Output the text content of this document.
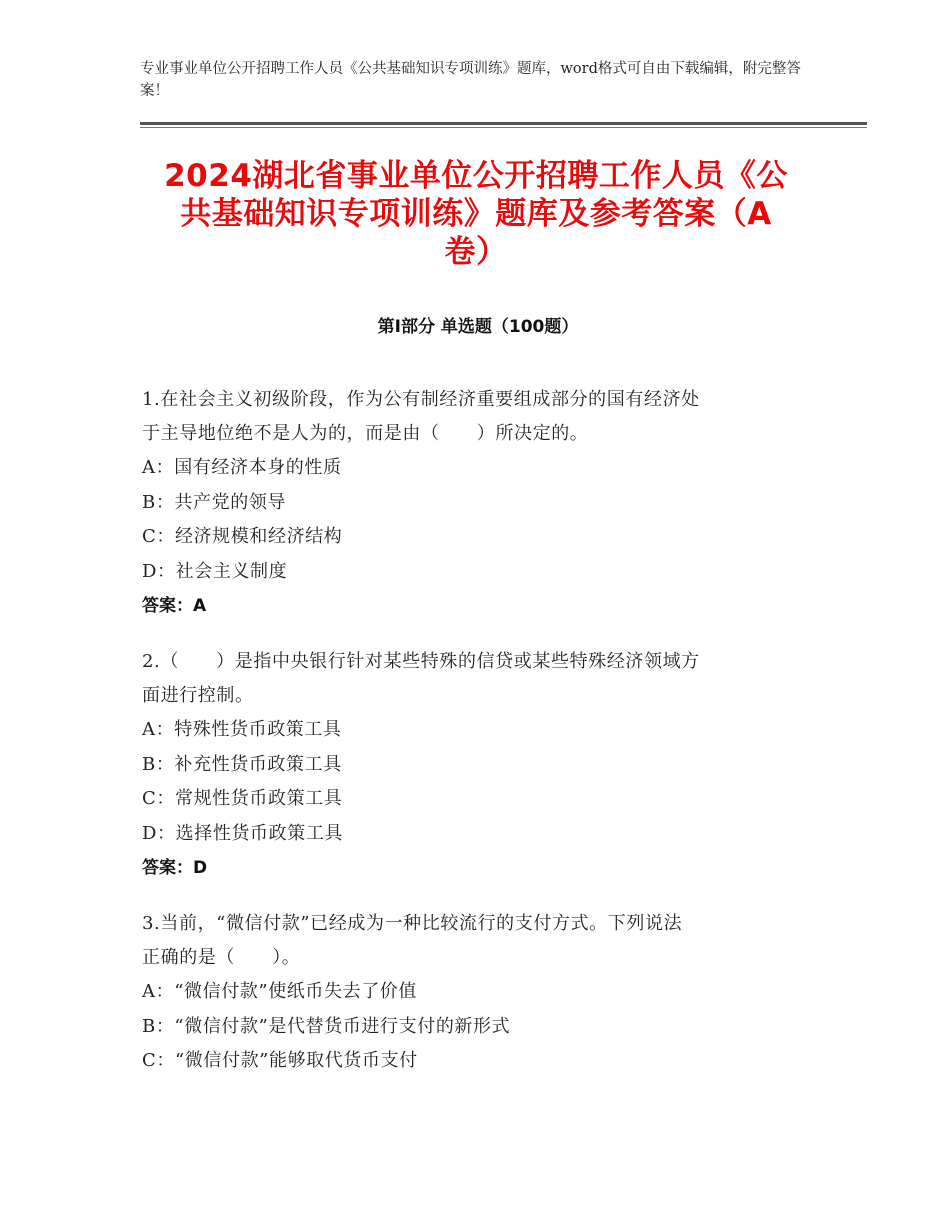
专业事业单位公开招聘工作人员《公共基础知识专项训练》题库，word格式可自由下载编辑，附完整答案！
2024湖北省事业单位公开招聘工作人员《公
共基础知识专项训练》题库及参考答案（A
卷）
第Ⅰ部分 单选题（100题）
1.在社会主义初级阶段，作为公有制经济重要组成部分的国有经济处
于主导地位绝不是人为的，而是由（　　）所决定的。
A：国有经济本身的性质
B：共产党的领导
C：经济规模和经济结构
D：社会主义制度
答案：A
2.（　　）是指中央银行针对某些特殊的信贷或某些特殊经济领域方
面进行控制。
A：特殊性货币政策工具
B：补充性货币政策工具
C：常规性货币政策工具
D：选择性货币政策工具
答案：D
3.当前，“微信付款”已经成为一种比较流行的支付方式。下列说法
正确的是（　　）。
A：“微信付款”使纸币失去了价值
B：“微信付款”是代替货币进行支付的新形式
C：“微信付款”能够取代货币支付
